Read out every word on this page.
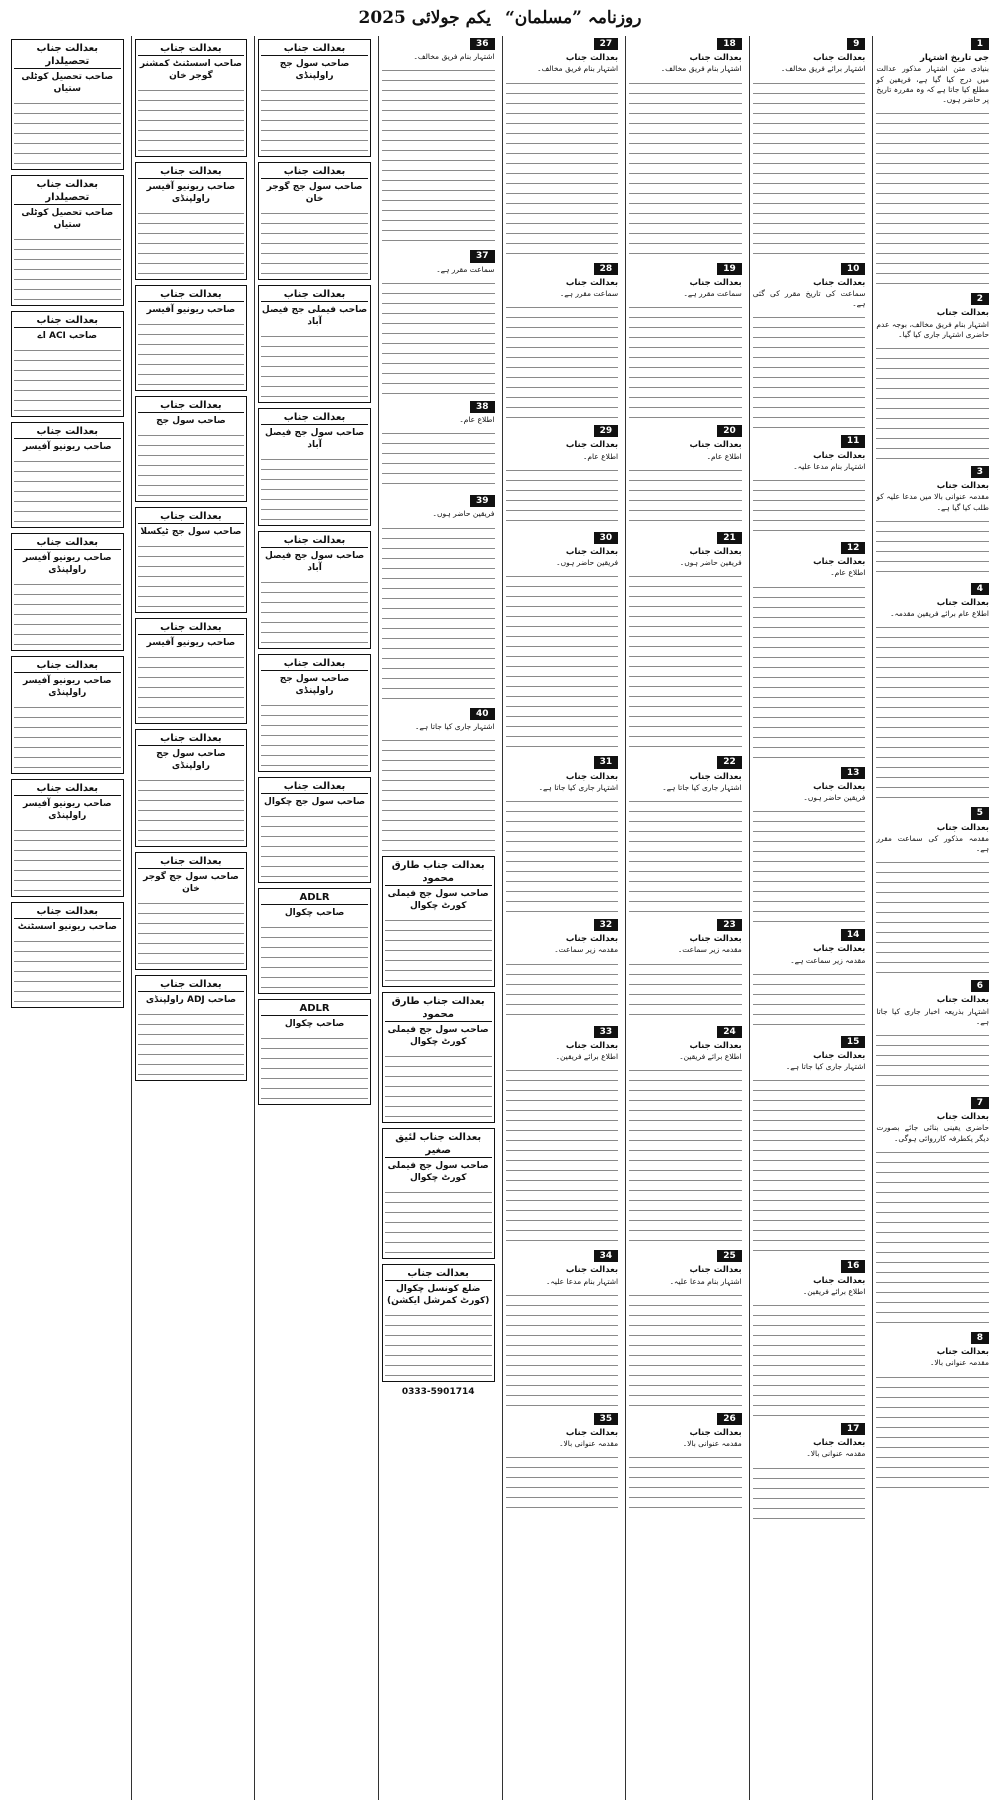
روزنامہ ”مسلمان“ یکم جولائی 2025
1
جی تاریخ اشتہار
بنیادی متن اشتہار مذکور عدالت میں درج کیا گیا ہے، فریقین کو مطلع کیا جاتا ہے کہ وہ مقررہ تاریخ پر حاضر ہوں۔
2
بعدالت جناب
اشتہار بنام فریق مخالف، بوجہ عدم حاضری اشتہار جاری کیا گیا۔
3
بعدالت جناب
مقدمہ عنوانی بالا میں مدعا علیہ کو طلب کیا گیا ہے۔
4
بعدالت جناب
اطلاع عام برائے فریقین مقدمہ۔
5
بعدالت جناب
مقدمہ مذکور کی سماعت مقرر ہے۔
6
بعدالت جناب
اشتہار بذریعہ اخبار جاری کیا جاتا ہے۔
7
بعدالت جناب
حاضری یقینی بنائی جائے بصورت دیگر یکطرفہ کارروائی ہوگی۔
8
بعدالت جناب
مقدمہ عنوانی بالا۔
9
بعدالت جناب
اشتہار برائے فریق مخالف۔
10
بعدالت جناب
سماعت کی تاریخ مقرر کی گئی ہے۔
11
بعدالت جناب
اشتہار بنام مدعا علیہ۔
12
بعدالت جناب
اطلاع عام۔
13
بعدالت جناب
فریقین حاضر ہوں۔
14
بعدالت جناب
مقدمہ زیر سماعت ہے۔
15
بعدالت جناب
اشتہار جاری کیا جاتا ہے۔
16
بعدالت جناب
اطلاع برائے فریقین۔
17
بعدالت جناب
مقدمہ عنوانی بالا۔
18
بعدالت جناب
اشتہار بنام فریق مخالف۔
19
بعدالت جناب
سماعت مقرر ہے۔
20
بعدالت جناب
اطلاع عام۔
21
بعدالت جناب
فریقین حاضر ہوں۔
22
بعدالت جناب
اشتہار جاری کیا جاتا ہے۔
23
بعدالت جناب
مقدمہ زیر سماعت۔
24
بعدالت جناب
اطلاع برائے فریقین۔
25
بعدالت جناب
اشتہار بنام مدعا علیہ۔
26
بعدالت جناب
مقدمہ عنوانی بالا۔
27
بعدالت جناب
اشتہار بنام فریق مخالف۔
28
بعدالت جناب
سماعت مقرر ہے۔
29
بعدالت جناب
اطلاع عام۔
30
بعدالت جناب
فریقین حاضر ہوں۔
31
بعدالت جناب
اشتہار جاری کیا جاتا ہے۔
32
بعدالت جناب
مقدمہ زیر سماعت۔
33
بعدالت جناب
اطلاع برائے فریقین۔
34
بعدالت جناب
اشتہار بنام مدعا علیہ۔
35
بعدالت جناب
مقدمہ عنوانی بالا۔
36
اشتہار بنام فریق مخالف۔
37
سماعت مقرر ہے۔
38
اطلاع عام۔
39
فریقین حاضر ہوں۔
40
اشتہار جاری کیا جاتا ہے۔
بعدالت جناب طارق محمود
صاحب سول جج فیملی کورٹ چکوال
بعدالت جناب طارق محمود
صاحب سول جج فیملی کورٹ چکوال
بعدالت جناب لئیق صغیر
صاحب سول جج فیملی کورٹ چکوال
بعدالت جناب
ضلع کونسل چکوال (کورٹ کمرشل ایکشن)
0333-5901714
بعدالت جناب
صاحب سول جج راولپنڈی
بعدالت جناب
صاحب سول جج گوجر خان
بعدالت جناب
صاحب فیملی جج فیصل آباد
بعدالت جناب
صاحب سول جج فیصل آباد
بعدالت جناب
صاحب سول جج فیصل آباد
بعدالت جناب
صاحب سول جج راولپنڈی
بعدالت جناب
صاحب سول جج چکوال
ADLR
صاحب چکوال
ADLR
صاحب چکوال
بعدالت جناب
صاحب اسسٹنٹ کمشنر گوجر خان
بعدالت جناب
صاحب ریونیو آفیسر راولپنڈی
بعدالت جناب
صاحب ریونیو آفیسر
بعدالت جناب
صاحب سول جج
بعدالت جناب
صاحب سول جج ٹیکسلا
بعدالت جناب
صاحب ریونیو آفیسر
بعدالت جناب
صاحب سول جج راولپنڈی
بعدالت جناب
صاحب سول جج گوجر خان
بعدالت جناب
صاحب ADJ راولپنڈی
بعدالت جناب تحصیلدار
صاحب تحصیل کوٹلی ستیاں
بعدالت جناب تحصیلدار
صاحب تحصیل کوٹلی ستیاں
بعدالت جناب
صاحب ACI اے
بعدالت جناب
صاحب ریونیو آفیسر
بعدالت جناب
صاحب ریونیو آفیسر راولپنڈی
بعدالت جناب
صاحب ریونیو آفیسر راولپنڈی
بعدالت جناب
صاحب ریونیو آفیسر راولپنڈی
بعدالت جناب
صاحب ریونیو اسسٹنٹ
